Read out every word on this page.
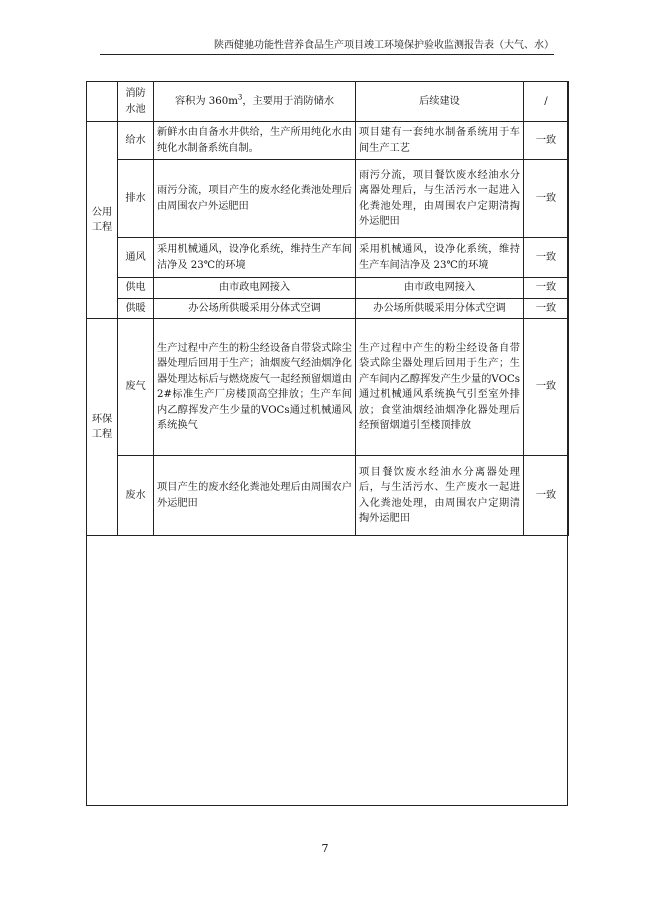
陕西健驰功能性营养食品生产项目竣工环境保护验收监测报告表（大气、水）
	消防水池	容积为 $360m^3$，主要用于消防储水	后续建设	/
公用工程	给水	新鲜水由自备水井供给，生产所用纯化水由纯化水制备系统自制。	项目建有一套纯水制备系统用于车间生产工艺	一致
	排水	雨污分流，项目产生的废水经化粪池处理后由周围农户外运肥田	雨污分流，项目餐饮废水经油水分离器处理后，与生活污水一起进入化粪池处理，由周围农户定期清掏外运肥田	一致
	通风	采用机械通风，设净化系统，维持生产车间洁净及 23℃的环境	采用机械通风，设净化系统，维持生产车间洁净及 23℃的环境	一致
	供电	由市政电网接入	由市政电网接入	一致
	供暖	办公场所供暖采用分体式空调	办公场所供暖采用分体式空调	一致
环保工程	废气	生产过程中产生的粉尘经设备自带袋式除尘器处理后回用于生产；油烟废气经油烟净化器处理达标后与燃烧废气一起经预留烟道由2#标准生产厂房楼顶高空排放；生产车间内乙醇挥发产生少量的VOCs通过机械通风系统换气	生产过程中产生的粉尘经设备自带袋式除尘器处理后回用于生产；生产车间内乙醇挥发产生少量的VOCs通过机械通风系统换气引至室外排放；食堂油烟经油烟净化器处理后经预留烟道引至楼顶排放	一致
	废水	项目产生的废水经化粪池处理后由周围农户外运肥田	项目餐饮废水经油水分离器处理后，与生活污水、生产废水一起进入化粪池处理，由周围农户定期清掏外运肥田	一致
7
